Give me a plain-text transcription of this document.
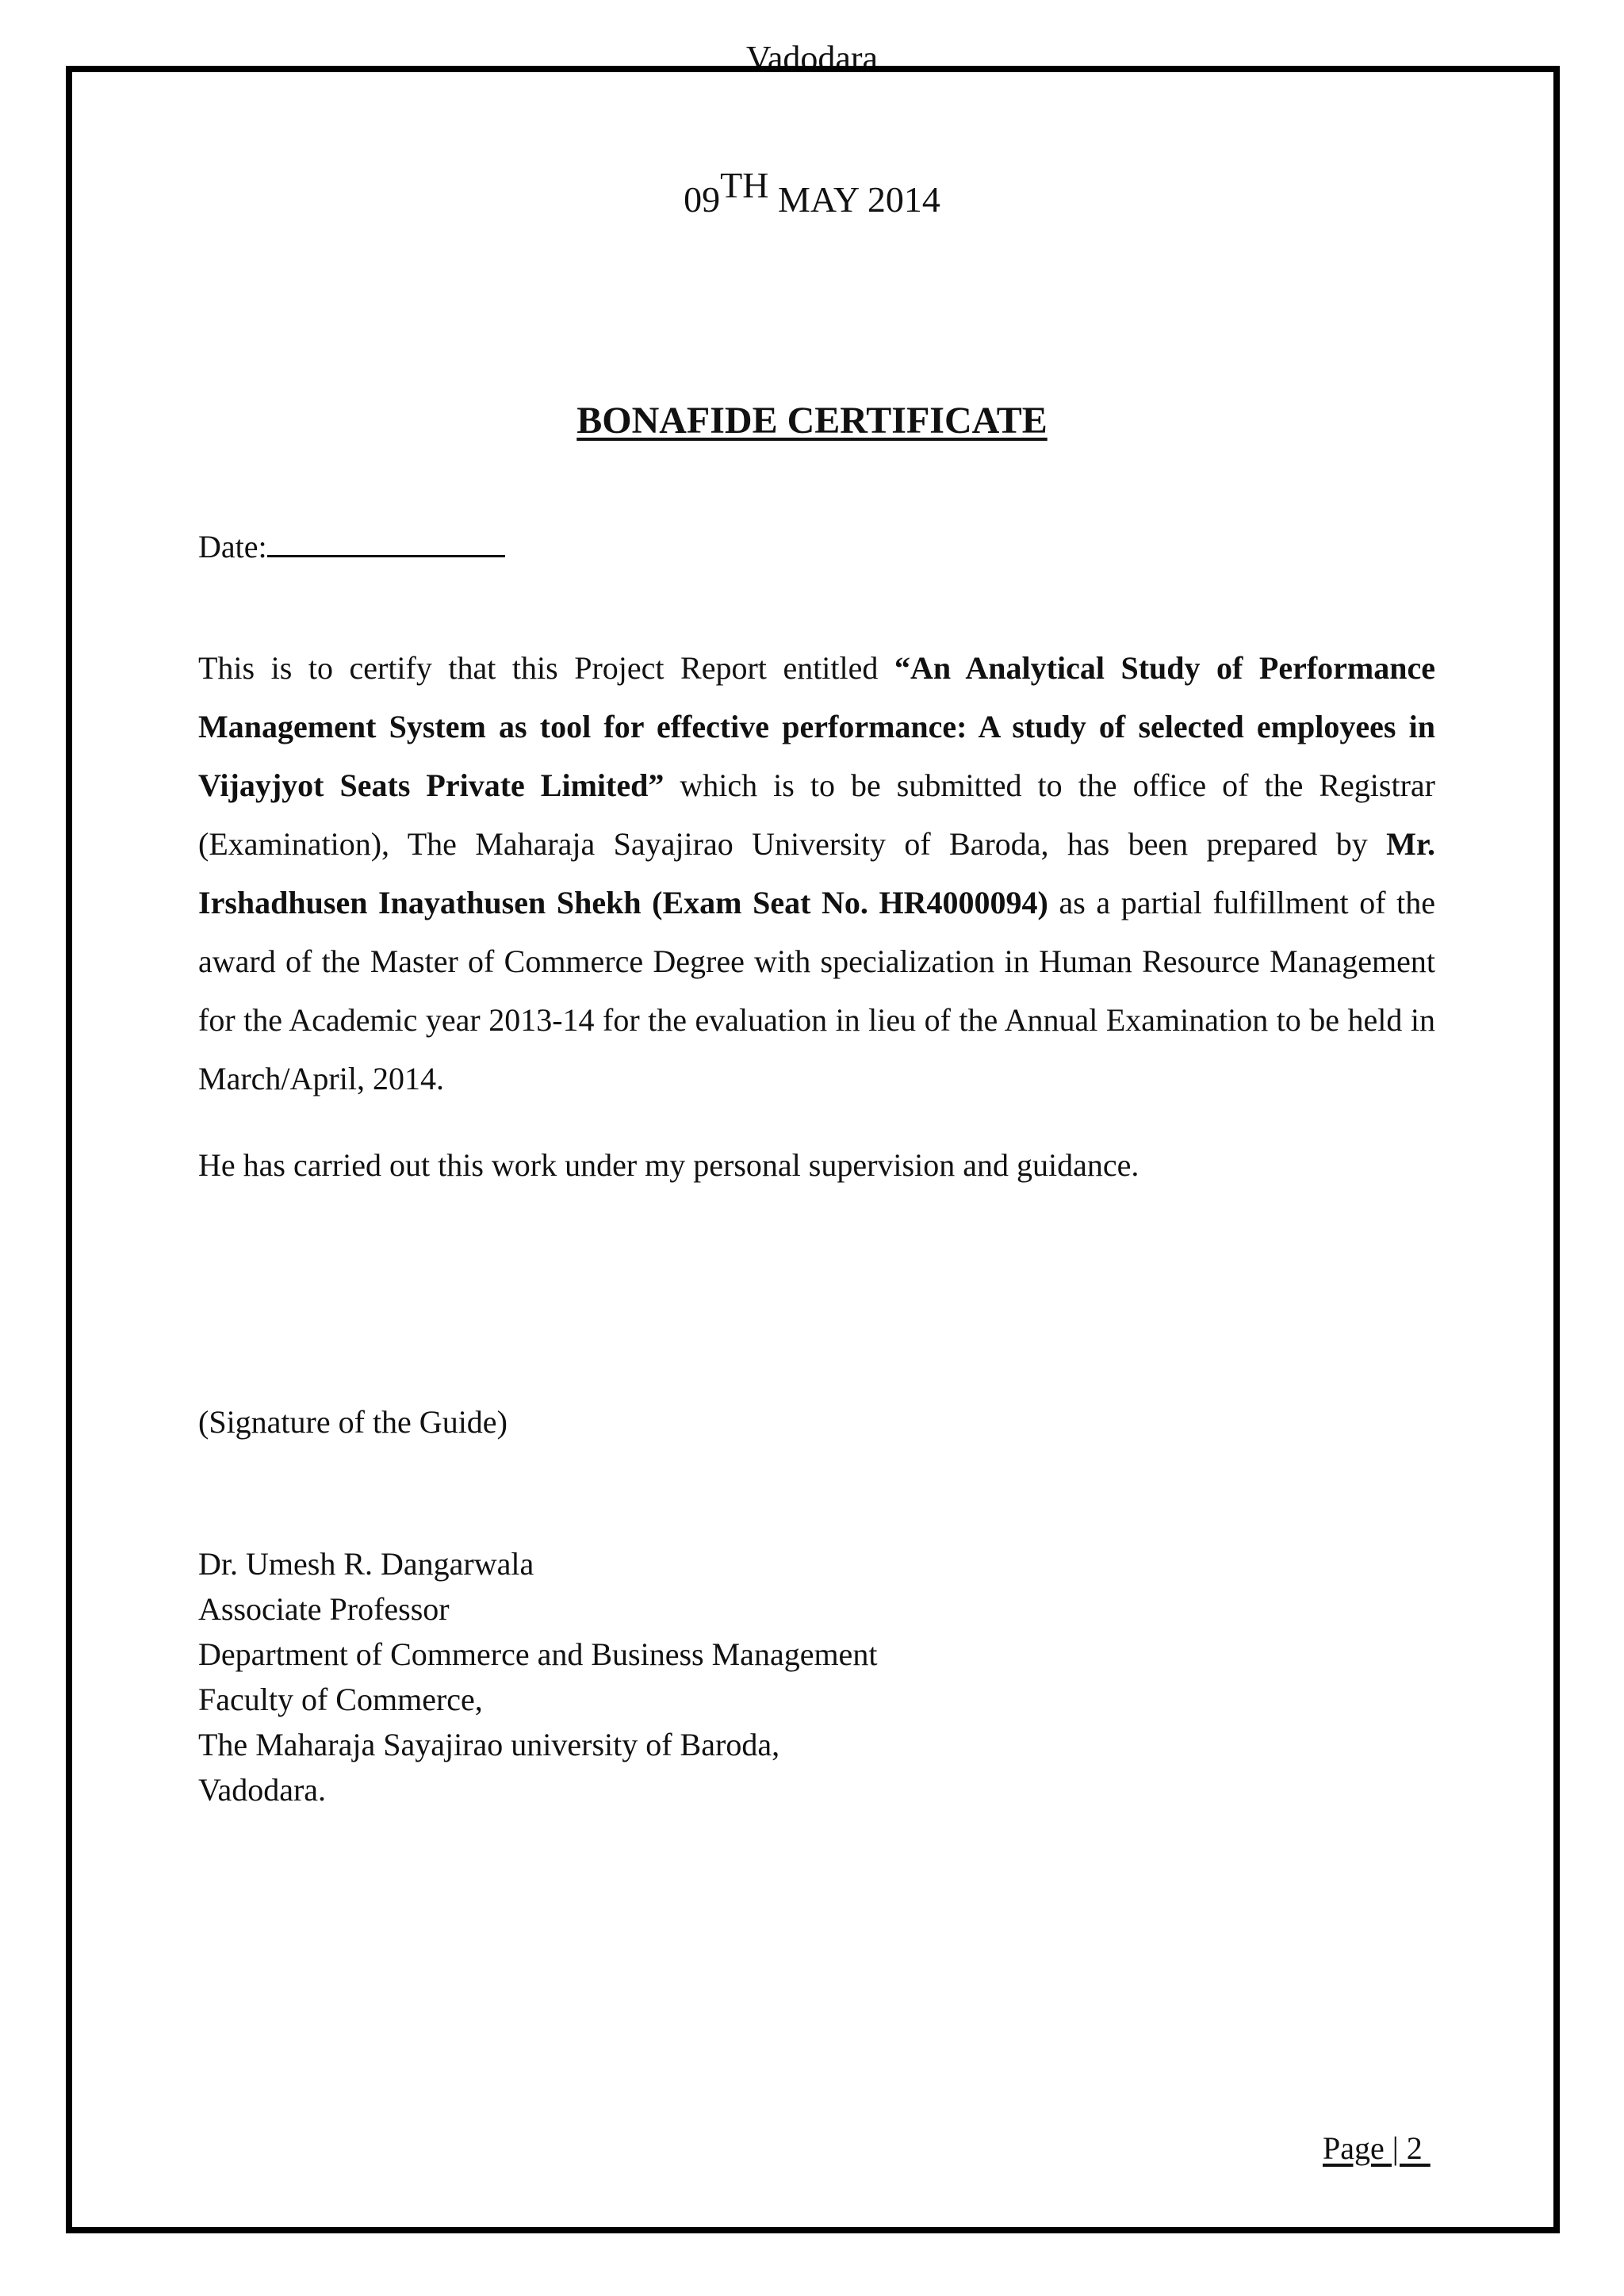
Vadodara
09TH MAY 2014
BONAFIDE CERTIFICATE
Date:
This is to certify that this Project Report entitled “An Analytical Study of Performance Management System as tool for effective performance: A study of selected employees in Vijayjyot Seats Private Limited” which is to be submitted to the office of the Registrar (Examination), The Maharaja Sayajirao University of Baroda, has been prepared by Mr. Irshadhusen Inayathusen Shekh (Exam Seat No. HR4000094) as a partial fulfillment of the award of the Master of Commerce Degree with specialization in Human Resource Management for the Academic year 2013-14 for the evaluation in lieu of the Annual Examination to be held in March/April, 2014.
He has carried out this work under my personal supervision and guidance.
(Signature of the Guide)
Dr. Umesh R. Dangarwala
Associate Professor
Department of Commerce and Business Management
Faculty of Commerce,
The Maharaja Sayajirao university of Baroda,
Vadodara.
Page | 2
